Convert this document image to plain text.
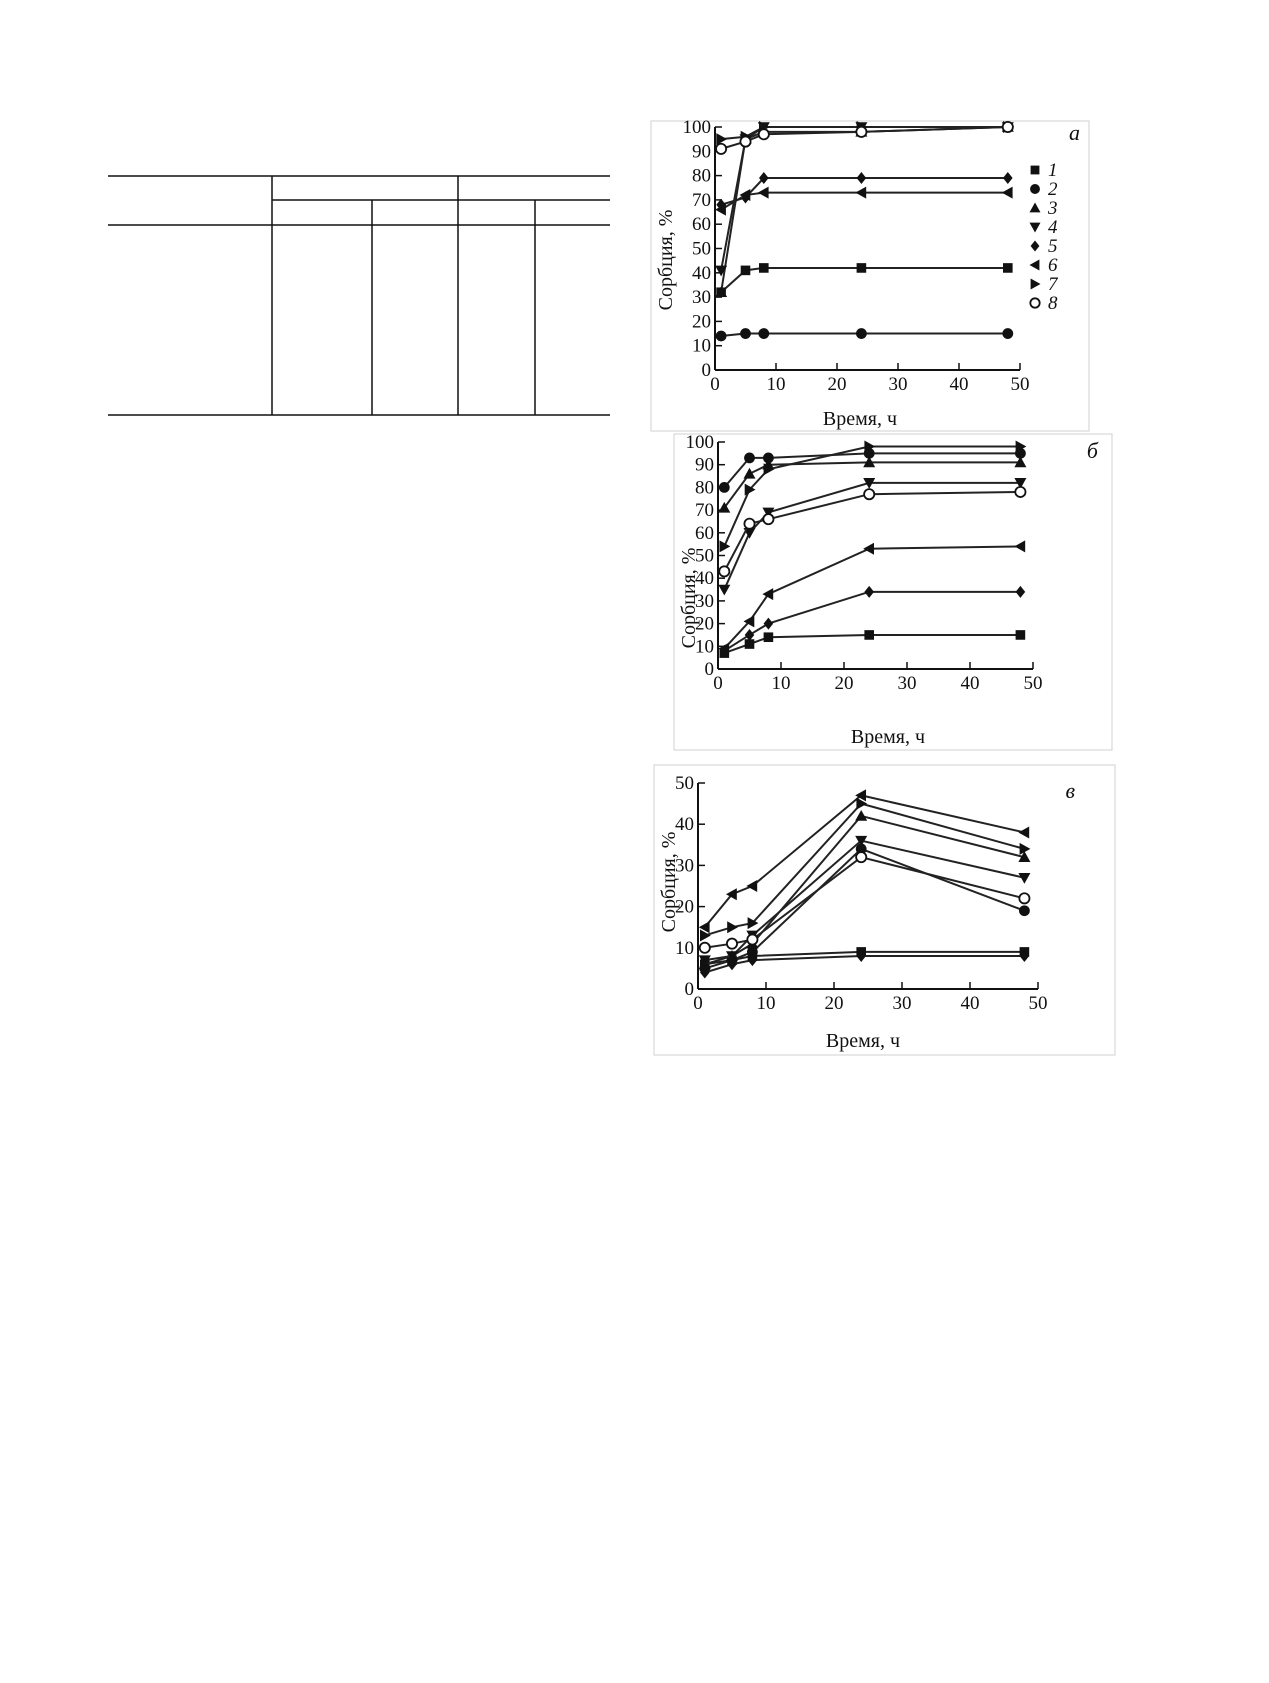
а
Сорбция, %
Время, ч
0
10
20
30
40
50
60
70
80
90
100
0 10 20 30 40 50
1
2
3
4
5
6
7
8
б
Сорбция, %
Время, ч
0
10
20
30
40
50
60
70
80
90
100
0	10 20 30 40 50
в
Сорбция, %
Время, ч
0
10
20
30
40
50
0	10	20	30	40	50
